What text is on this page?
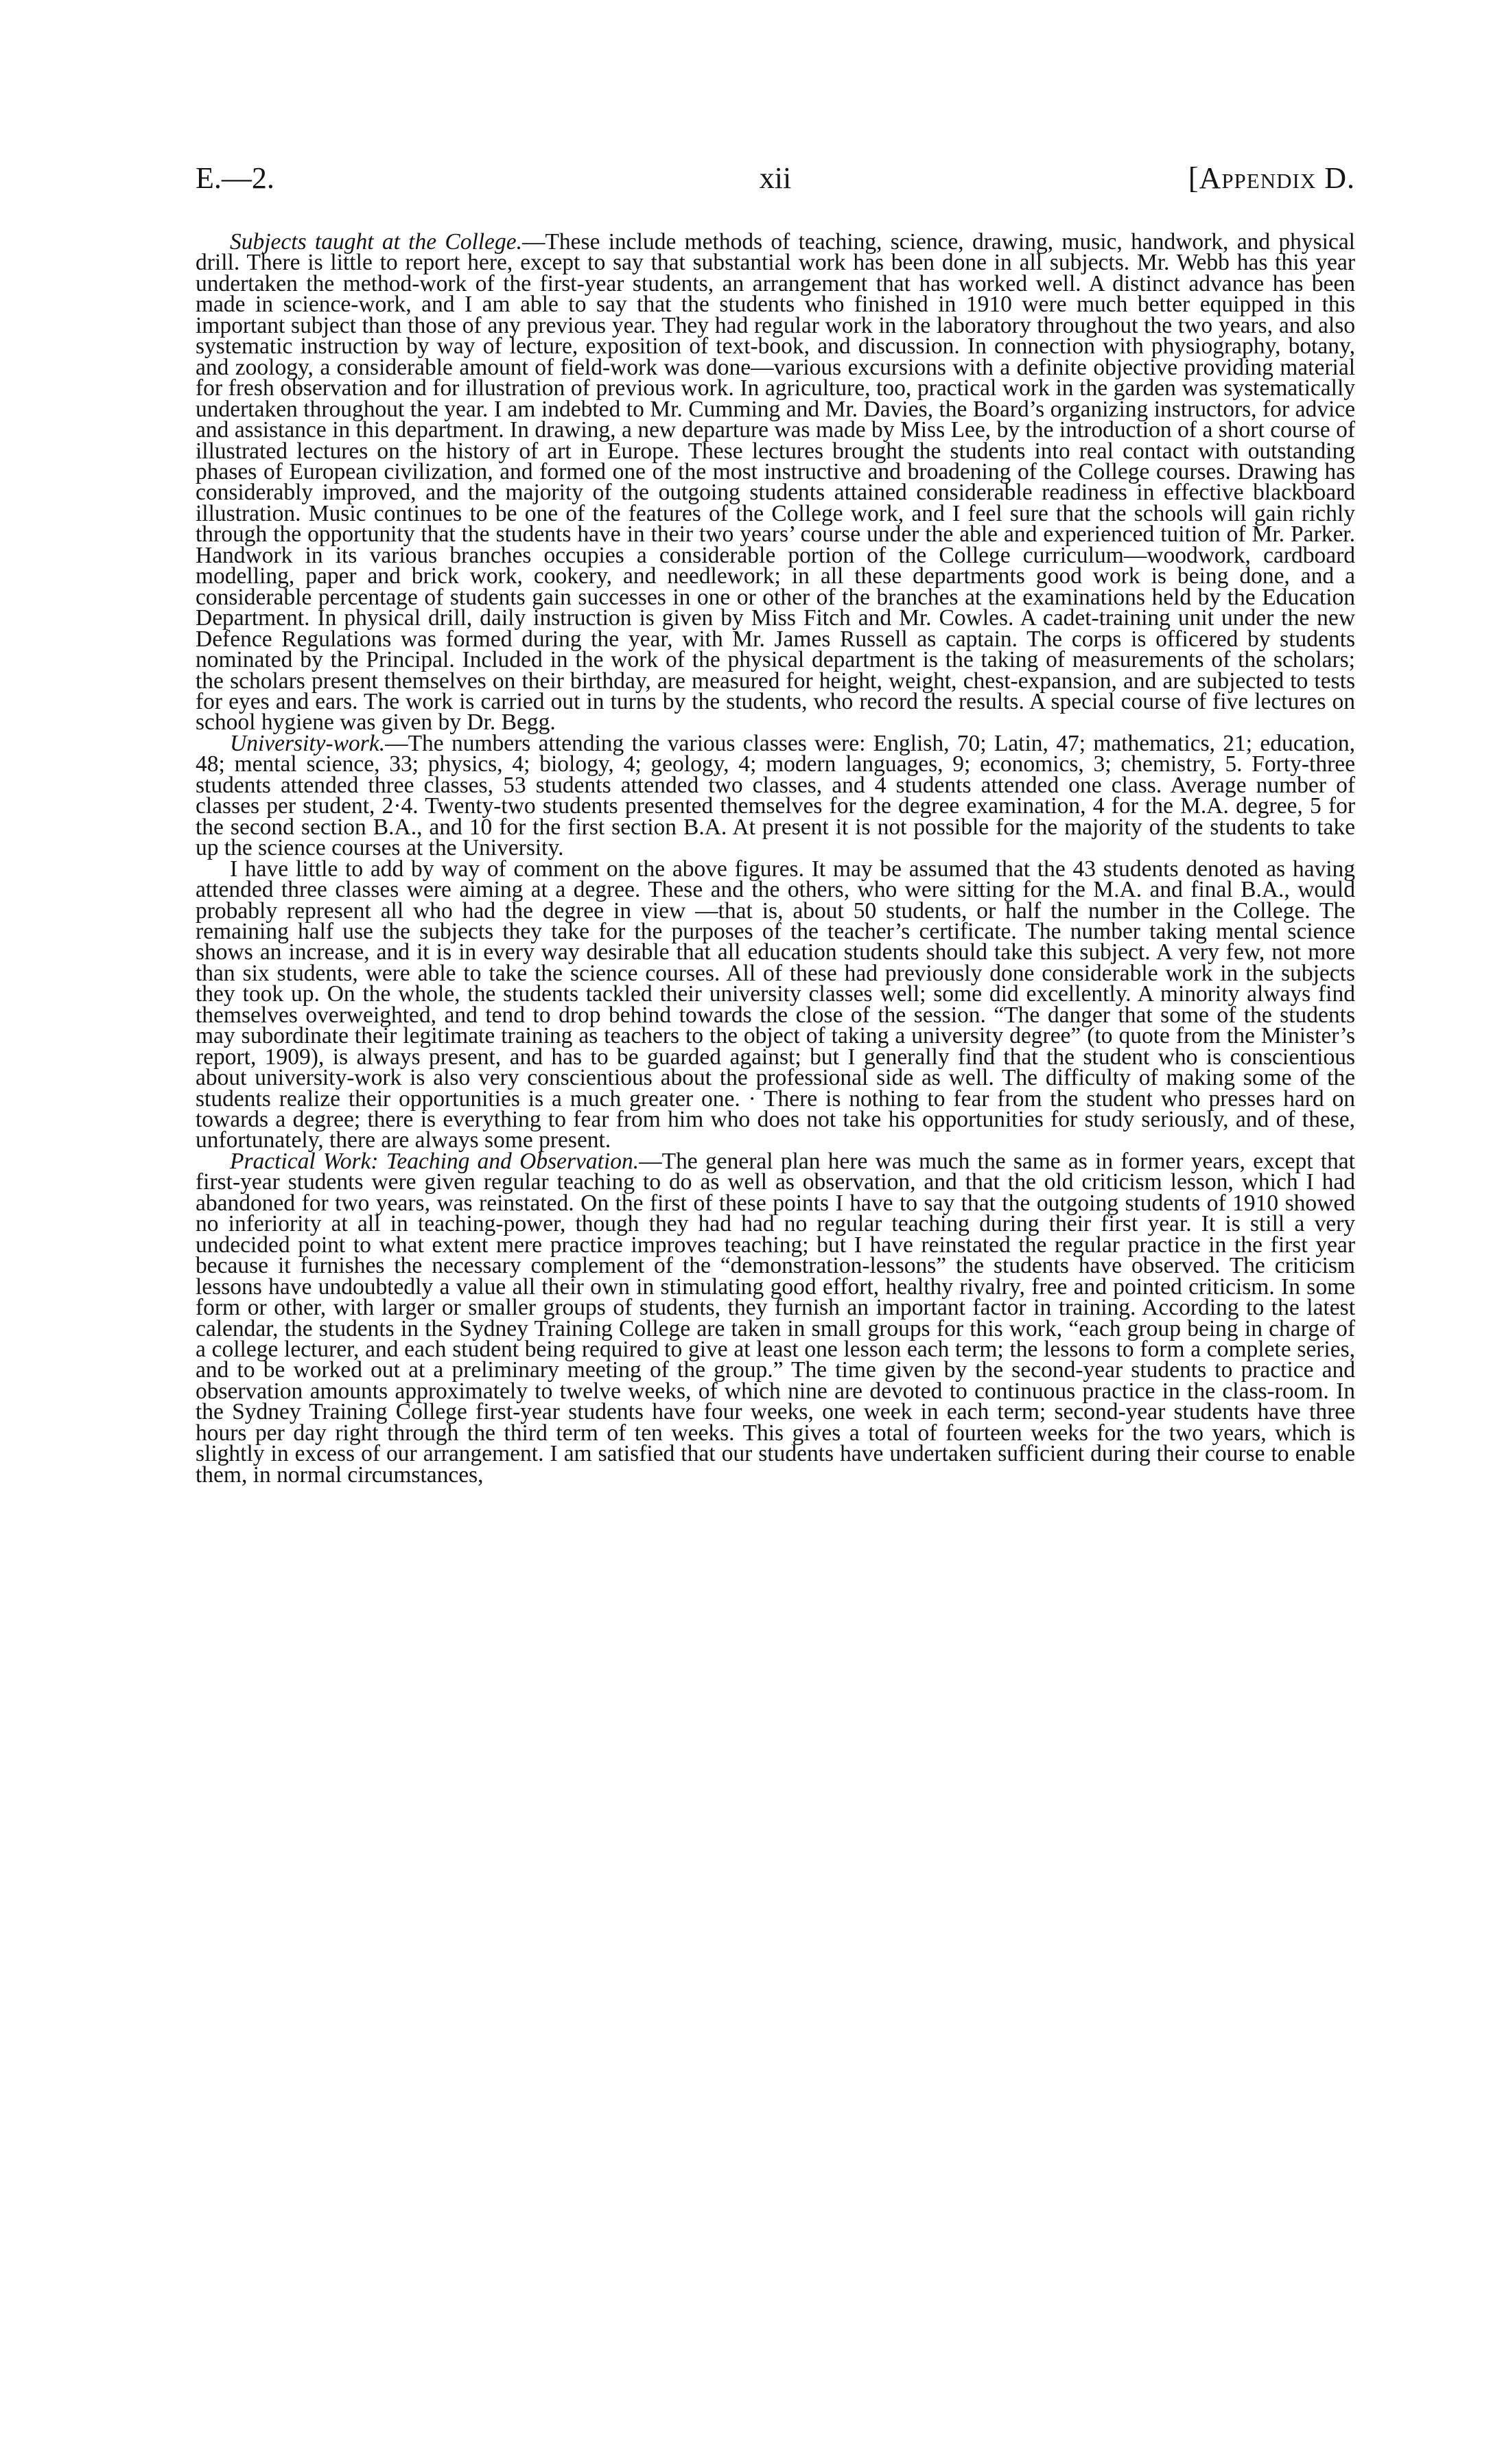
E.—2.	xii	[Appendix D.

Subjects taught at the College.—These include methods of teaching, science, drawing, music, handwork, and physical drill. There is little to report here, except to say that substantial work has been done in all subjects. Mr. Webb has this year undertaken the method-work of the first-year students, an arrangement that has worked well. A distinct advance has been made in science-work, and I am able to say that the students who finished in 1910 were much better equipped in this important subject than those of any previous year. They had regular work in the laboratory throughout the two years, and also systematic instruction by way of lecture, exposition of text-book, and discussion. In connection with physiography, botany, and zoology, a considerable amount of field-work was done—various excursions with a definite objective providing material for fresh observation and for illustration of previous work. In agriculture, too, practical work in the garden was systematically undertaken throughout the year. I am indebted to Mr. Cumming and Mr. Davies, the Board’s organizing instructors, for advice and assistance in this department. In drawing, a new departure was made by Miss Lee, by the introduction of a short course of illustrated lectures on the history of art in Europe. These lectures brought the students into real contact with outstanding phases of European civilization, and formed one of the most instructive and broadening of the College courses. Drawing has considerably improved, and the majority of the outgoing students attained considerable readiness in effective blackboard illustration. Music continues to be one of the features of the College work, and I feel sure that the schools will gain richly through the opportunity that the students have in their two years’ course under the able and experienced tuition of Mr. Parker. Handwork in its various branches occupies a considerable portion of the College curriculum—woodwork, cardboard modelling, paper and brick work, cookery, and needlework; in all these departments good work is being done, and a considerable percentage of students gain successes in one or other of the branches at the examinations held by the Education Department. In physical drill, daily instruction is given by Miss Fitch and Mr. Cowles. A cadet-training unit under the new Defence Regulations was formed during the year, with Mr. James Russell as captain. The corps is officered by students nominated by the Principal. Included in the work of the physical department is the taking of measurements of the scholars; the scholars present themselves on their birthday, are measured for height, weight, chest-expansion, and are subjected to tests for eyes and ears. The work is carried out in turns by the students, who record the results. A special course of five lectures on school hygiene was given by Dr. Begg.

University-work.—The numbers attending the various classes were: English, 70; Latin, 47; mathematics, 21; education, 48; mental science, 33; physics, 4; biology, 4; geology, 4; modern languages, 9; economics, 3; chemistry, 5. Forty-three students attended three classes, 53 students attended two classes, and 4 students attended one class. Average number of classes per student, 2·4. Twenty-two students presented themselves for the degree examination, 4 for the M.A. degree, 5 for the second section B.A., and 10 for the first section B.A. At present it is not possible for the majority of the students to take up the science courses at the University.

I have little to add by way of comment on the above figures. It may be assumed that the 43 students denoted as having attended three classes were aiming at a degree. These and the others, who were sitting for the M.A. and final B.A., would probably represent all who had the degree in view —that is, about 50 students, or half the number in the College. The remaining half use the subjects they take for the purposes of the teacher’s certificate. The number taking mental science shows an increase, and it is in every way desirable that all education students should take this subject. A very few, not more than six students, were able to take the science courses. All of these had previously done considerable work in the subjects they took up. On the whole, the students tackled their university classes well; some did excellently. A minority always find themselves overweighted, and tend to drop behind towards the close of the session. “The danger that some of the students may subordinate their legitimate training as teachers to the object of taking a university degree” (to quote from the Minister’s report, 1909), is always present, and has to be guarded against; but I generally find that the student who is conscientious about university-work is also very conscientious about the professional side as well. The difficulty of making some of the students realize their opportunities is a much greater one. · There is nothing to fear from the student who presses hard on towards a degree; there is everything to fear from him who does not take his opportunities for study seriously, and of these, unfortunately, there are always some present.

Practical Work: Teaching and Observation.—The general plan here was much the same as in former years, except that first-year students were given regular teaching to do as well as observation, and that the old criticism lesson, which I had abandoned for two years, was reinstated. On the first of these points I have to say that the outgoing students of 1910 showed no inferiority at all in teaching-power, though they had had no regular teaching during their first year. It is still a very undecided point to what extent mere practice improves teaching; but I have reinstated the regular practice in the first year because it furnishes the necessary complement of the “demonstration-lessons” the students have observed. The criticism lessons have undoubtedly a value all their own in stimulating good effort, healthy rivalry, free and pointed criticism. In some form or other, with larger or smaller groups of students, they furnish an important factor in training. According to the latest calendar, the students in the Sydney Training College are taken in small groups for this work, “each group being in charge of a college lecturer, and each student being required to give at least one lesson each term; the lessons to form a complete series, and to be worked out at a preliminary meeting of the group.” The time given by the second-year students to practice and observation amounts approximately to twelve weeks, of which nine are devoted to continuous practice in the class-room. In the Sydney Training College first-year students have four weeks, one week in each term; second-year students have three hours per day right through the third term of ten weeks. This gives a total of fourteen weeks for the two years, which is slightly in excess of our arrangement. I am satisfied that our students have undertaken sufficient during their course to enable them, in normal circumstances,
